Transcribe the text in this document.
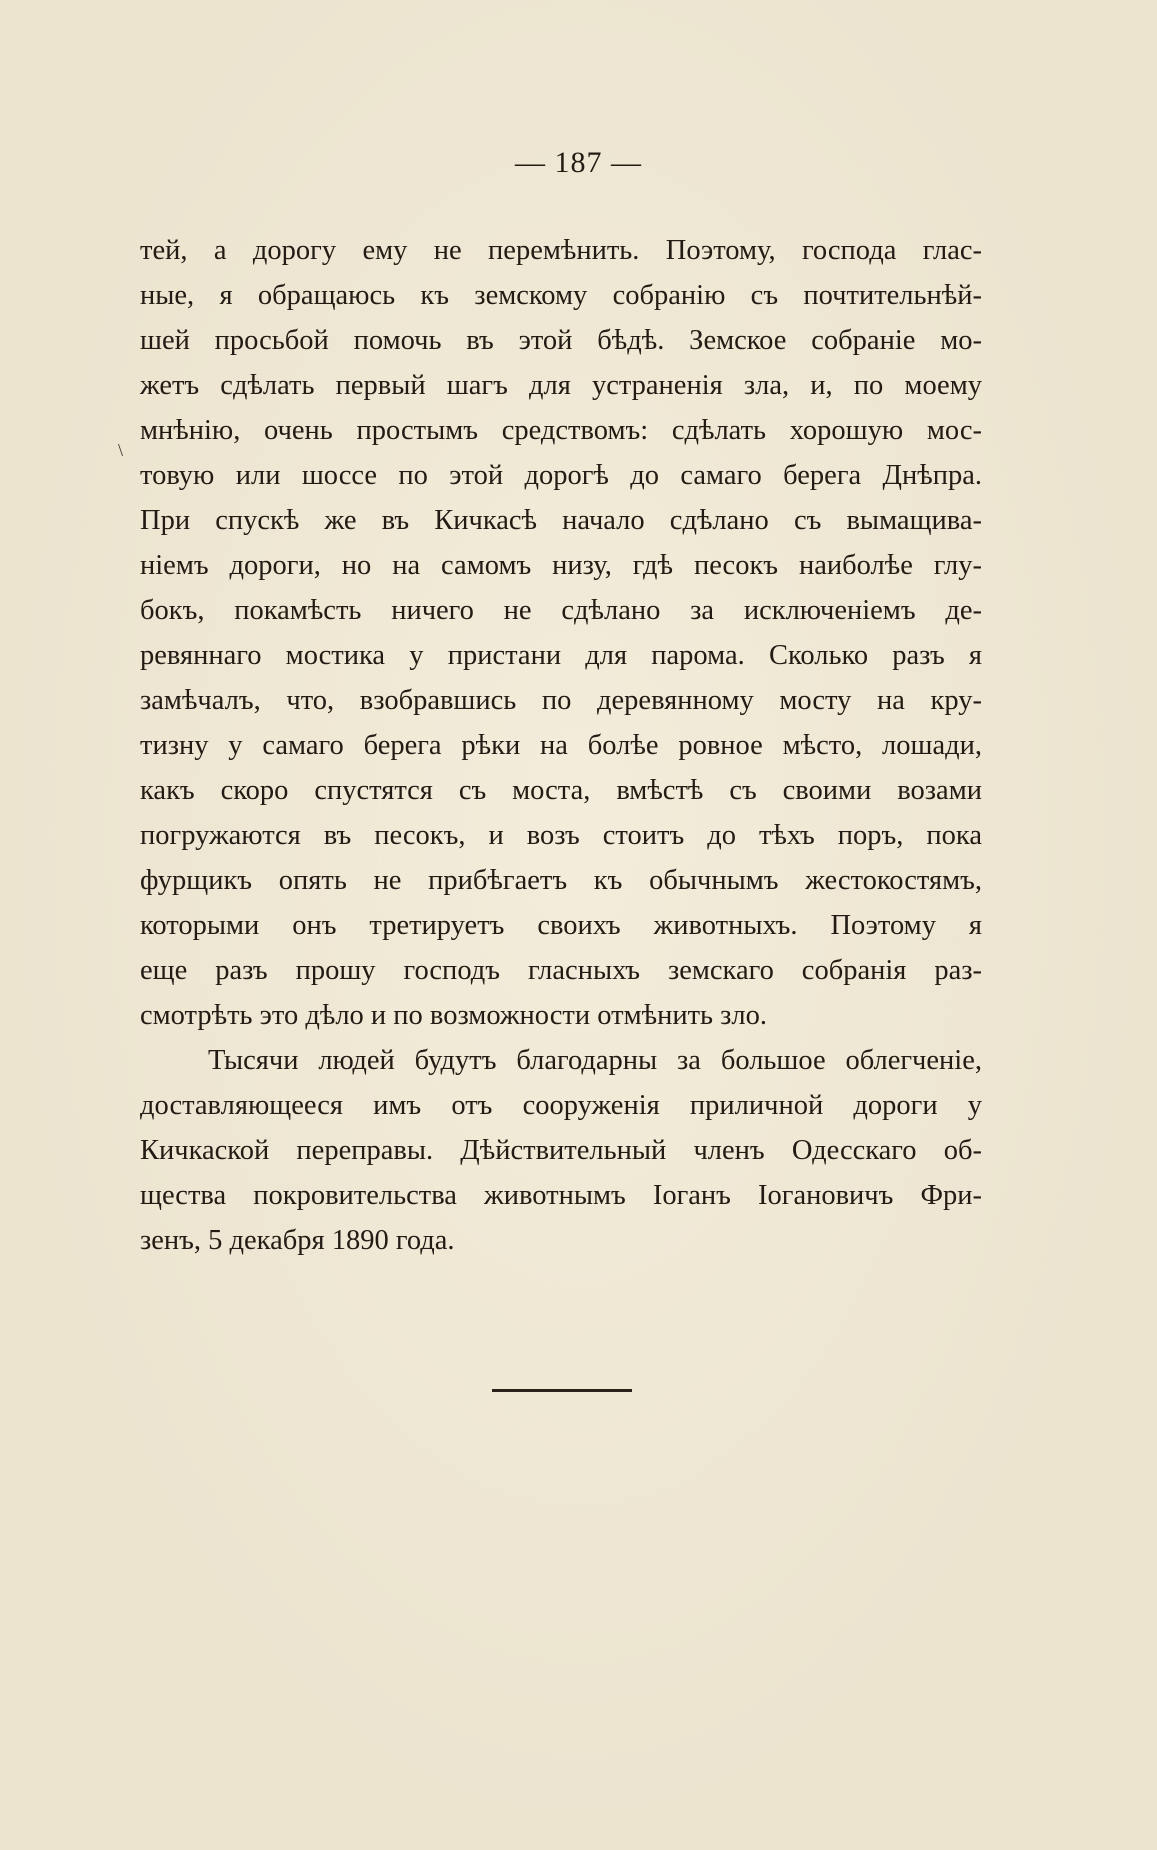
— 187 —
\
тей, а дорогу ему не перемѣнить. Поэтому, господа глас-
ные, я обращаюсь къ земскому собранію съ почтительнѣй-
шей просьбой помочь въ этой бѣдѣ. Земское собраніе мо-
жетъ сдѣлать первый шагъ для устраненія зла, и, по моему
мнѣнію, очень простымъ средствомъ: сдѣлать хорошую мос-
товую или шоссе по этой дорогѣ до самаго берега Днѣпра.
При спускѣ же въ Кичкасѣ начало сдѣлано съ вымащива-
ніемъ дороги, но на самомъ низу, гдѣ песокъ наиболѣе глу-
бокъ, покамѣсть ничего не сдѣлано за исключеніемъ де-
ревяннаго мостика у пристани для парома. Сколько разъ я
замѣчалъ, что, взобравшись по деревянному мосту на кру-
тизну у самаго берега рѣки на болѣе ровное мѣсто, лошади,
какъ скоро спустятся съ моста, вмѣстѣ съ своими возами
погружаются въ песокъ, и возъ стоитъ до тѣхъ поръ, пока
фурщикъ опять не прибѣгаетъ къ обычнымъ жестокостямъ,
которыми онъ третируетъ своихъ животныхъ. Поэтому я
еще разъ прошу господъ гласныхъ земскаго собранія раз-
смотрѣть это дѣло и по возможности отмѣнить зло.
Тысячи людей будутъ благодарны за большое облегченіе,
доставляющееся имъ отъ сооруженія приличной дороги у
Кичкаской переправы. Дѣйствительный членъ Одесскаго об-
щества покровительства животнымъ Іоганъ Іогановичъ Фри-
зенъ, 5 декабря 1890 года.
